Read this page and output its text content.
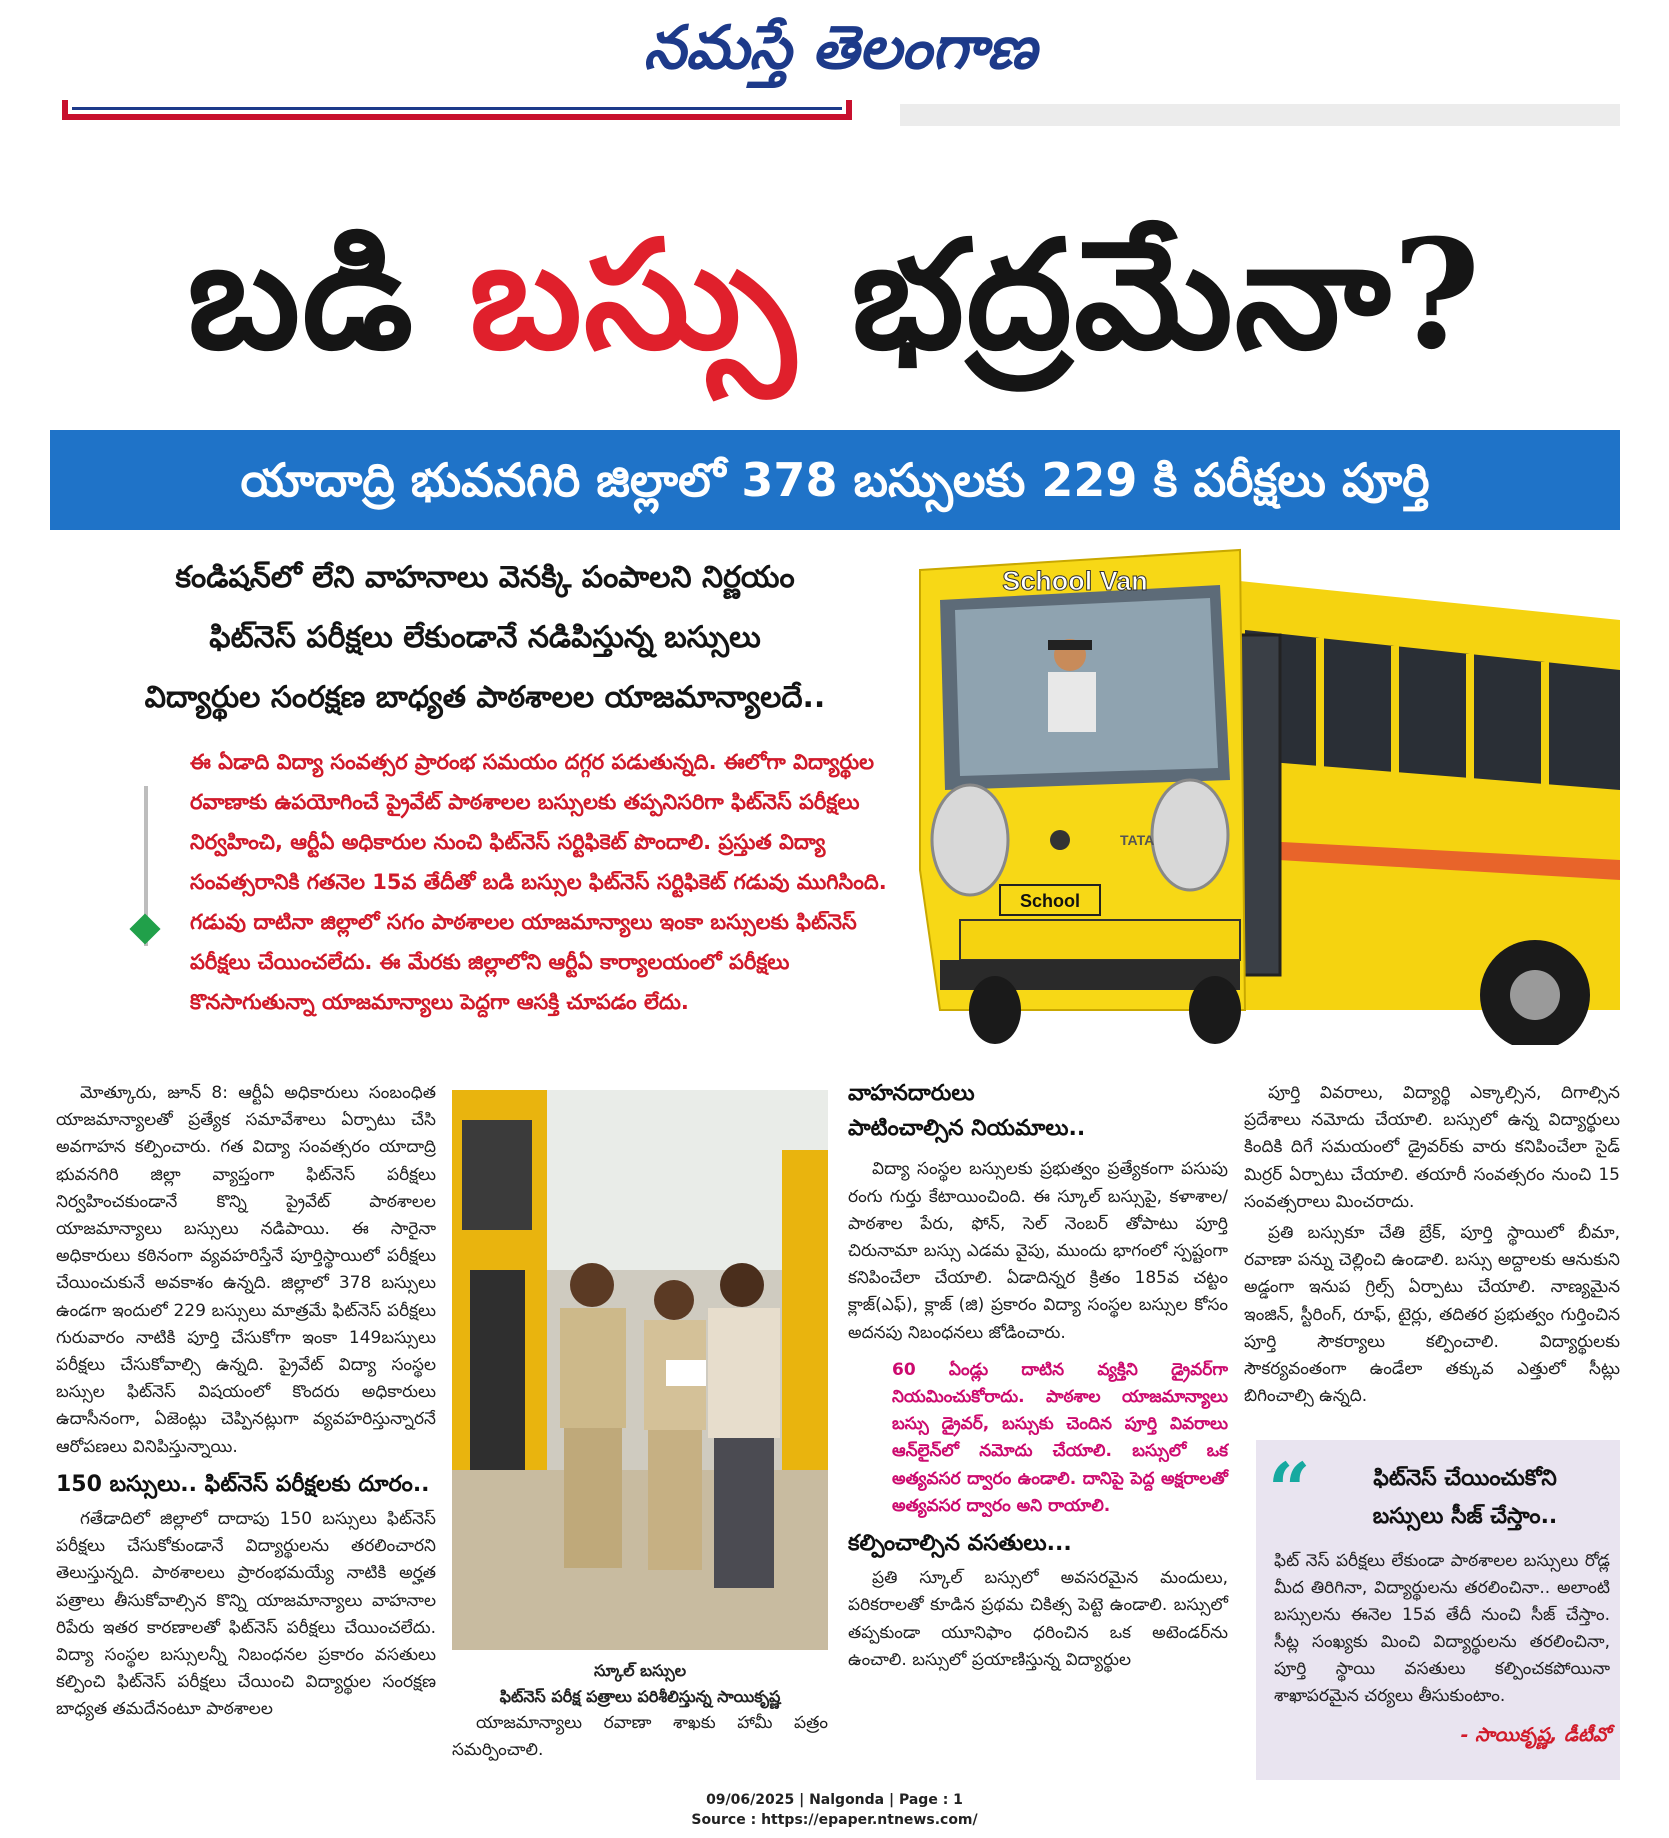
నమస్తే తెలంగాణ
బడి బస్సు భద్రమేనా?
యాదాద్రి భువనగిరి జిల్లాలో 378 బస్సులకు 229 కి పరీక్షలు పూర్తి
కండిషన్‌లో లేని వాహనాలు వెనక్కి పంపాలని నిర్ణయం
ఫిట్‌నెస్ పరీక్షలు లేకుండానే నడిపిస్తున్న బస్సులు
విద్యార్థుల సంరక్షణ బాధ్యత పాఠశాలల యాజమాన్యాలదే..

ఈ ఏడాది విద్యా సంవత్సర ప్రారంభ సమయం దగ్గర పడుతున్నది. ఈలోగా విద్యార్థుల రవాణాకు ఉపయోగించే ప్రైవేట్ పాఠశాలల బస్సులకు తప్పనిసరిగా ఫిట్‌నెస్ పరీక్షలు నిర్వహించి, ఆర్టీఏ అధికారుల నుంచి ఫిట్‌నెస్ సర్టిఫికెట్ పొందాలి. ప్రస్తుత విద్యా సంవత్సరానికి గతనెల 15వ తేదీతో బడి బస్సుల ఫిట్‌నెస్ సర్టిఫికెట్ గడువు ముగిసింది. గడువు దాటినా జిల్లాలో సగం పాఠశాలల యాజమాన్యాలు ఇంకా బస్సులకు ఫిట్‌నెస్ పరీక్షలు చేయించలేదు. ఈ మేరకు జిల్లాలోని ఆర్టీఏ కార్యాలయంలో పరీక్షలు కొనసాగుతున్నా యాజమాన్యాలు పెద్దగా ఆసక్తి చూపడం లేదు.

School Van
TATA
School

మోత్కూరు, జూన్ 8: ఆర్టీఏ అధికారులు సంబంధిత యాజమాన్యాలతో ప్రత్యేక సమావేశాలు ఏర్పాటు చేసి అవగాహన కల్పించారు. గత విద్యా సంవత్సరం యాదాద్రి భువనగిరి జిల్లా వ్యాప్తంగా ఫిట్‌నెస్ పరీక్షలు నిర్వహించకుండానే కొన్ని ప్రైవేట్ పాఠశాలల యాజమాన్యాలు బస్సులు నడిపాయి. ఈ సారైనా అధికారులు కఠినంగా వ్యవహరిస్తేనే పూర్తిస్థాయిలో పరీక్షలు చేయించుకునే అవకాశం ఉన్నది. జిల్లాలో 378 బస్సులు ఉండగా ఇందులో 229 బస్సులు మాత్రమే ఫిట్‌నెస్ పరీక్షలు గురువారం నాటికి పూర్తి చేసుకోగా ఇంకా 149బస్సులు పరీక్షలు చేసుకోవాల్సి ఉన్నది. ప్రైవేట్ విద్యా సంస్థల బస్సుల ఫిట్‌నెస్ విషయంలో కొందరు అధికారులు ఉదాసీనంగా, ఏజెంట్లు చెప్పినట్లుగా వ్యవహరిస్తున్నారనే ఆరోపణలు వినిపిస్తున్నాయి.

150 బస్సులు.. ఫిట్‌నెస్ పరీక్షలకు దూరం..

గతేడాదిలో జిల్లాలో దాదాపు 150 బస్సులు ఫిట్‌నెస్ పరీక్షలు చేసుకోకుండానే విద్యార్థులను తరలించారని తెలుస్తున్నది. పాఠశాలలు ప్రారంభమయ్యే నాటికి అర్హత పత్రాలు తీసుకోవాల్సిన కొన్ని యాజమాన్యాలు వాహనాల రిపేరు ఇతర కారణాలతో ఫిట్‌నెస్ పరీక్షలు చేయించలేదు. విద్యా సంస్థల బస్సులన్నీ నిబంధనల ప్రకారం వసతులు కల్పించి ఫిట్‌నెస్ పరీక్షలు చేయించి విద్యార్థుల సంరక్షణ బాధ్యత తమదేనంటూ పాఠశాలల

స్కూల్ బస్సుల
ఫిట్‌నెస్ పరీక్ష పత్రాలు పరిశీలిస్తున్న సాయికృష్ణ

యాజమాన్యాలు రవాణా శాఖకు హామీ పత్రం సమర్పించాలి.

వాహనదారులు
పాటించాల్సిన నియమాలు..

విద్యా సంస్థల బస్సులకు ప్రభుత్వం ప్రత్యేకంగా పసుపు రంగు గుర్తు కేటాయించింది. ఈ స్కూల్ బస్సుపై, కళాశాల/ పాఠశాల పేరు, ఫోన్, సెల్ నెంబర్ తోపాటు పూర్తి చిరునామా బస్సు ఎడమ వైపు, ముందు భాగంలో స్పష్టంగా కనిపించేలా చేయాలి. ఏడాదిన్నర క్రితం 185వ చట్టం క్లాజ్(ఎఫ్), క్లాజ్ (జి) ప్రకారం విద్యా సంస్థల బస్సుల కోసం అదనపు నిబంధనలు జోడించారు.

60 ఏండ్లు దాటిన వ్యక్తిని డ్రైవర్‌గా నియమించుకోరాదు. పాఠశాల యాజమాన్యాలు బస్సు డ్రైవర్, బస్సుకు చెందిన పూర్తి వివరాలు ఆన్‌లైన్‌లో నమోదు చేయాలి. బస్సులో ఒక అత్యవసర ద్వారం ఉండాలి. దానిపై పెద్ద అక్షరాలతో అత్యవసర ద్వారం అని రాయాలి.

కల్పించాల్సిన వసతులు...

ప్రతి స్కూల్ బస్సులో అవసరమైన మందులు, పరికరాలతో కూడిన ప్రథమ చికిత్స పెట్టె ఉండాలి. బస్సులో తప్పకుండా యూనిఫాం ధరించిన ఒక అటెండర్‌ను ఉంచాలి. బస్సులో ప్రయాణిస్తున్న విద్యార్థుల

పూర్తి వివరాలు, విద్యార్థి ఎక్కాల్సిన, దిగాల్సిన ప్రదేశాలు నమోదు చేయాలి. బస్సులో ఉన్న విద్యార్థులు కిందికి దిగే సమయంలో డ్రైవర్‌కు వారు కనిపించేలా సైడ్ మిర్రర్ ఏర్పాటు చేయాలి. తయారీ సంవత్సరం నుంచి 15 సంవత్సరాలు మించరాదు.

ప్రతి బస్సుకూ చేతి బ్రేక్, పూర్తి స్థాయిలో బీమా, రవాణా పన్ను చెల్లించి ఉండాలి. బస్సు అద్దాలకు ఆనుకుని అడ్డంగా ఇనుప గ్రిల్స్ ఏర్పాటు చేయాలి. నాణ్యమైన ఇంజిన్, స్టీరింగ్, రూఫ్, టైర్లు, తదితర ప్రభుత్వం గుర్తించిన పూర్తి సౌకర్యాలు కల్పించాలి. విద్యార్థులకు సౌకర్యవంతంగా ఉండేలా తక్కువ ఎత్తులో సీట్లు బిగించాల్సి ఉన్నది.

“	ఫిట్‌నెస్ చేయించుకోని
బస్సులు సీజ్ చేస్తాం..
ఫిట్ నెస్ పరీక్షలు లేకుండా పాఠశాలల బస్సులు రోడ్ల మీద తిరిగినా, విద్యార్థులను తరలించినా.. అలాంటి బస్సులను ఈనెల 15వ తేదీ నుంచి సీజ్ చేస్తాం. సీట్ల సంఖ్యకు మించి విద్యార్థులను తరలించినా, పూర్తి స్థాయి వసతులు కల్పించకపోయినా శాఖాపరమైన చర్యలు తీసుకుంటాం.
- సాయికృష్ణ, డీటీవో
09/06/2025 | Nalgonda | Page : 1
Source : https://epaper.ntnews.com/
